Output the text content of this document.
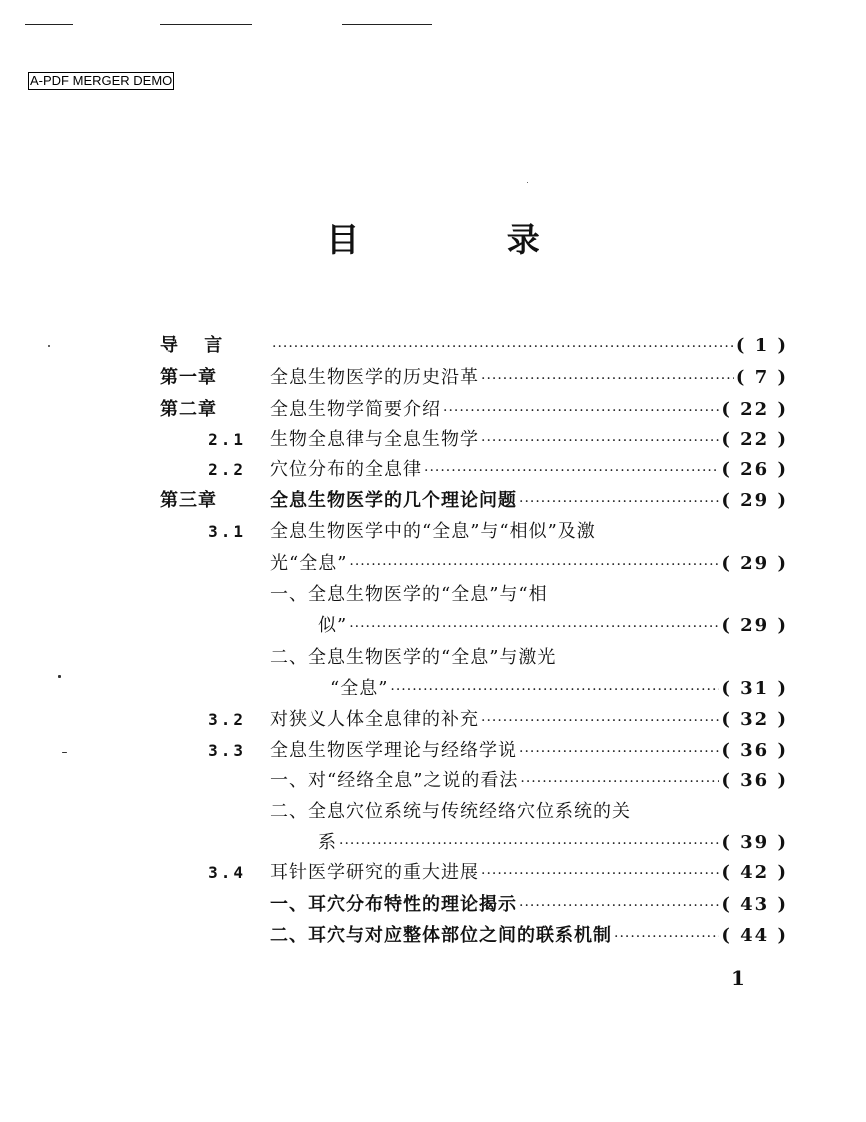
A-PDF MERGER DEMO
目 录
导 言 ·····	( 1 )
第一章	全息生物医学的历史沿革 ·····	( 7 )
第二章	全息生物学简要介绍 ·····	( 22 )
2.1 生物全息律与全息生物学 ·····	( 22 )
2.2 穴位分布的全息律 ·····	( 26 )
第三章	全息生物医学的几个理论问题 ·····	( 29 )
3.1 全息生物医学中的“全息”与“相似”及激
光“全息” ·····	( 29 )
一、全息生物医学的“全息”与“相
似” ·····	( 29 )
二、全息生物医学的“全息”与激光
“全息” ·····	( 31 )
3.2 对狭义人体全息律的补充 ·····	( 32 )
3.3 全息生物医学理论与经络学说 ·····	( 36 )
一、对“经络全息”之说的看法 ·····	( 36 )
二、全息穴位系统与传统经络穴位系统的关
系 ·····	( 39 )
3.4 耳针医学研究的重大进展 ·····	( 42 )
一、耳穴分布特性的理论揭示 ·····	( 43 )
二、耳穴与对应整体部位之间的联系机制 ·····	( 44 )
1
